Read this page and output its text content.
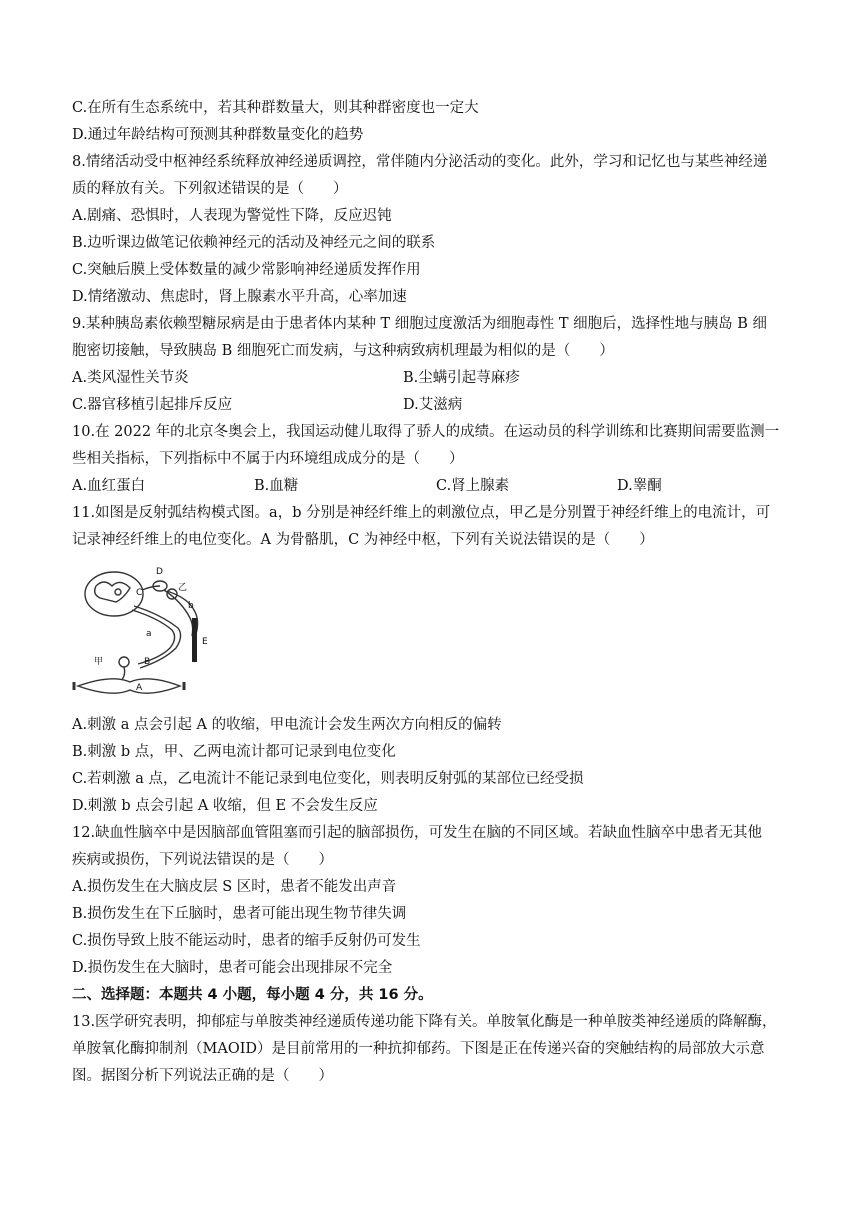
C.在所有生态系统中，若其种群数量大，则其种群密度也一定大
D.通过年龄结构可预测其种群数量变化的趋势
8.情绪活动受中枢神经系统释放神经递质调控，常伴随内分泌活动的变化。此外，学习和记忆也与某些神经递
质的释放有关。下列叙述错误的是（　　）
A.剧痛、恐惧时，人表现为警觉性下降，反应迟钝
B.边听课边做笔记依赖神经元的活动及神经元之间的联系
C.突触后膜上受体数量的减少常影响神经递质发挥作用
D.情绪激动、焦虑时，肾上腺素水平升高，心率加速
9.某种胰岛素依赖型糖尿病是由于患者体内某种 T 细胞过度激活为细胞毒性 T 细胞后，选择性地与胰岛 B 细
胞密切接触，导致胰岛 B 细胞死亡而发病，与这种病致病机理最为相似的是（　　）
A.类风湿性关节炎	B.尘螨引起荨麻疹
C.器官移植引起排斥反应	D.艾滋病
10.在 2022 年的北京冬奥会上，我国运动健儿取得了骄人的成绩。在运动员的科学训练和比赛期间需要监测一
些相关指标，下列指标中不属于内环境组成成分的是（　　）
A.血红蛋白	B.血糖	C.肾上腺素	D.睾酮
11.如图是反射弧结构模式图。a，b 分别是神经纤维上的刺激位点，甲乙是分别置于神经纤维上的电流计，可
记录神经纤维上的电位变化。A 为骨骼肌，C 为神经中枢，下列有关说法错误的是（　　）
D
乙
C
b
E
a
甲	B
A
A.刺激 a 点会引起 A 的收缩，甲电流计会发生两次方向相反的偏转
B.刺激 b 点，甲、乙两电流计都可记录到电位变化
C.若刺激 a 点，乙电流计不能记录到电位变化，则表明反射弧的某部位已经受损
D.刺激 b 点会引起 A 收缩，但 E 不会发生反应
12.缺血性脑卒中是因脑部血管阻塞而引起的脑部损伤，可发生在脑的不同区域。若缺血性脑卒中患者无其他
疾病或损伤，下列说法错误的是（　　）
A.损伤发生在大脑皮层 S 区时，患者不能发出声音
B.损伤发生在下丘脑时，患者可能出现生物节律失调
C.损伤导致上肢不能运动时，患者的缩手反射仍可发生
D.损伤发生在大脑时，患者可能会出现排尿不完全
二、选择题：本题共 4 小题，每小题 4 分，共 16 分。
13.医学研究表明，抑郁症与单胺类神经递质传递功能下降有关。单胺氧化酶是一种单胺类神经递质的降解酶，
单胺氧化酶抑制剂（MAOID）是目前常用的一种抗抑郁药。下图是正在传递兴奋的突触结构的局部放大示意
图。据图分析下列说法正确的是（　　）
